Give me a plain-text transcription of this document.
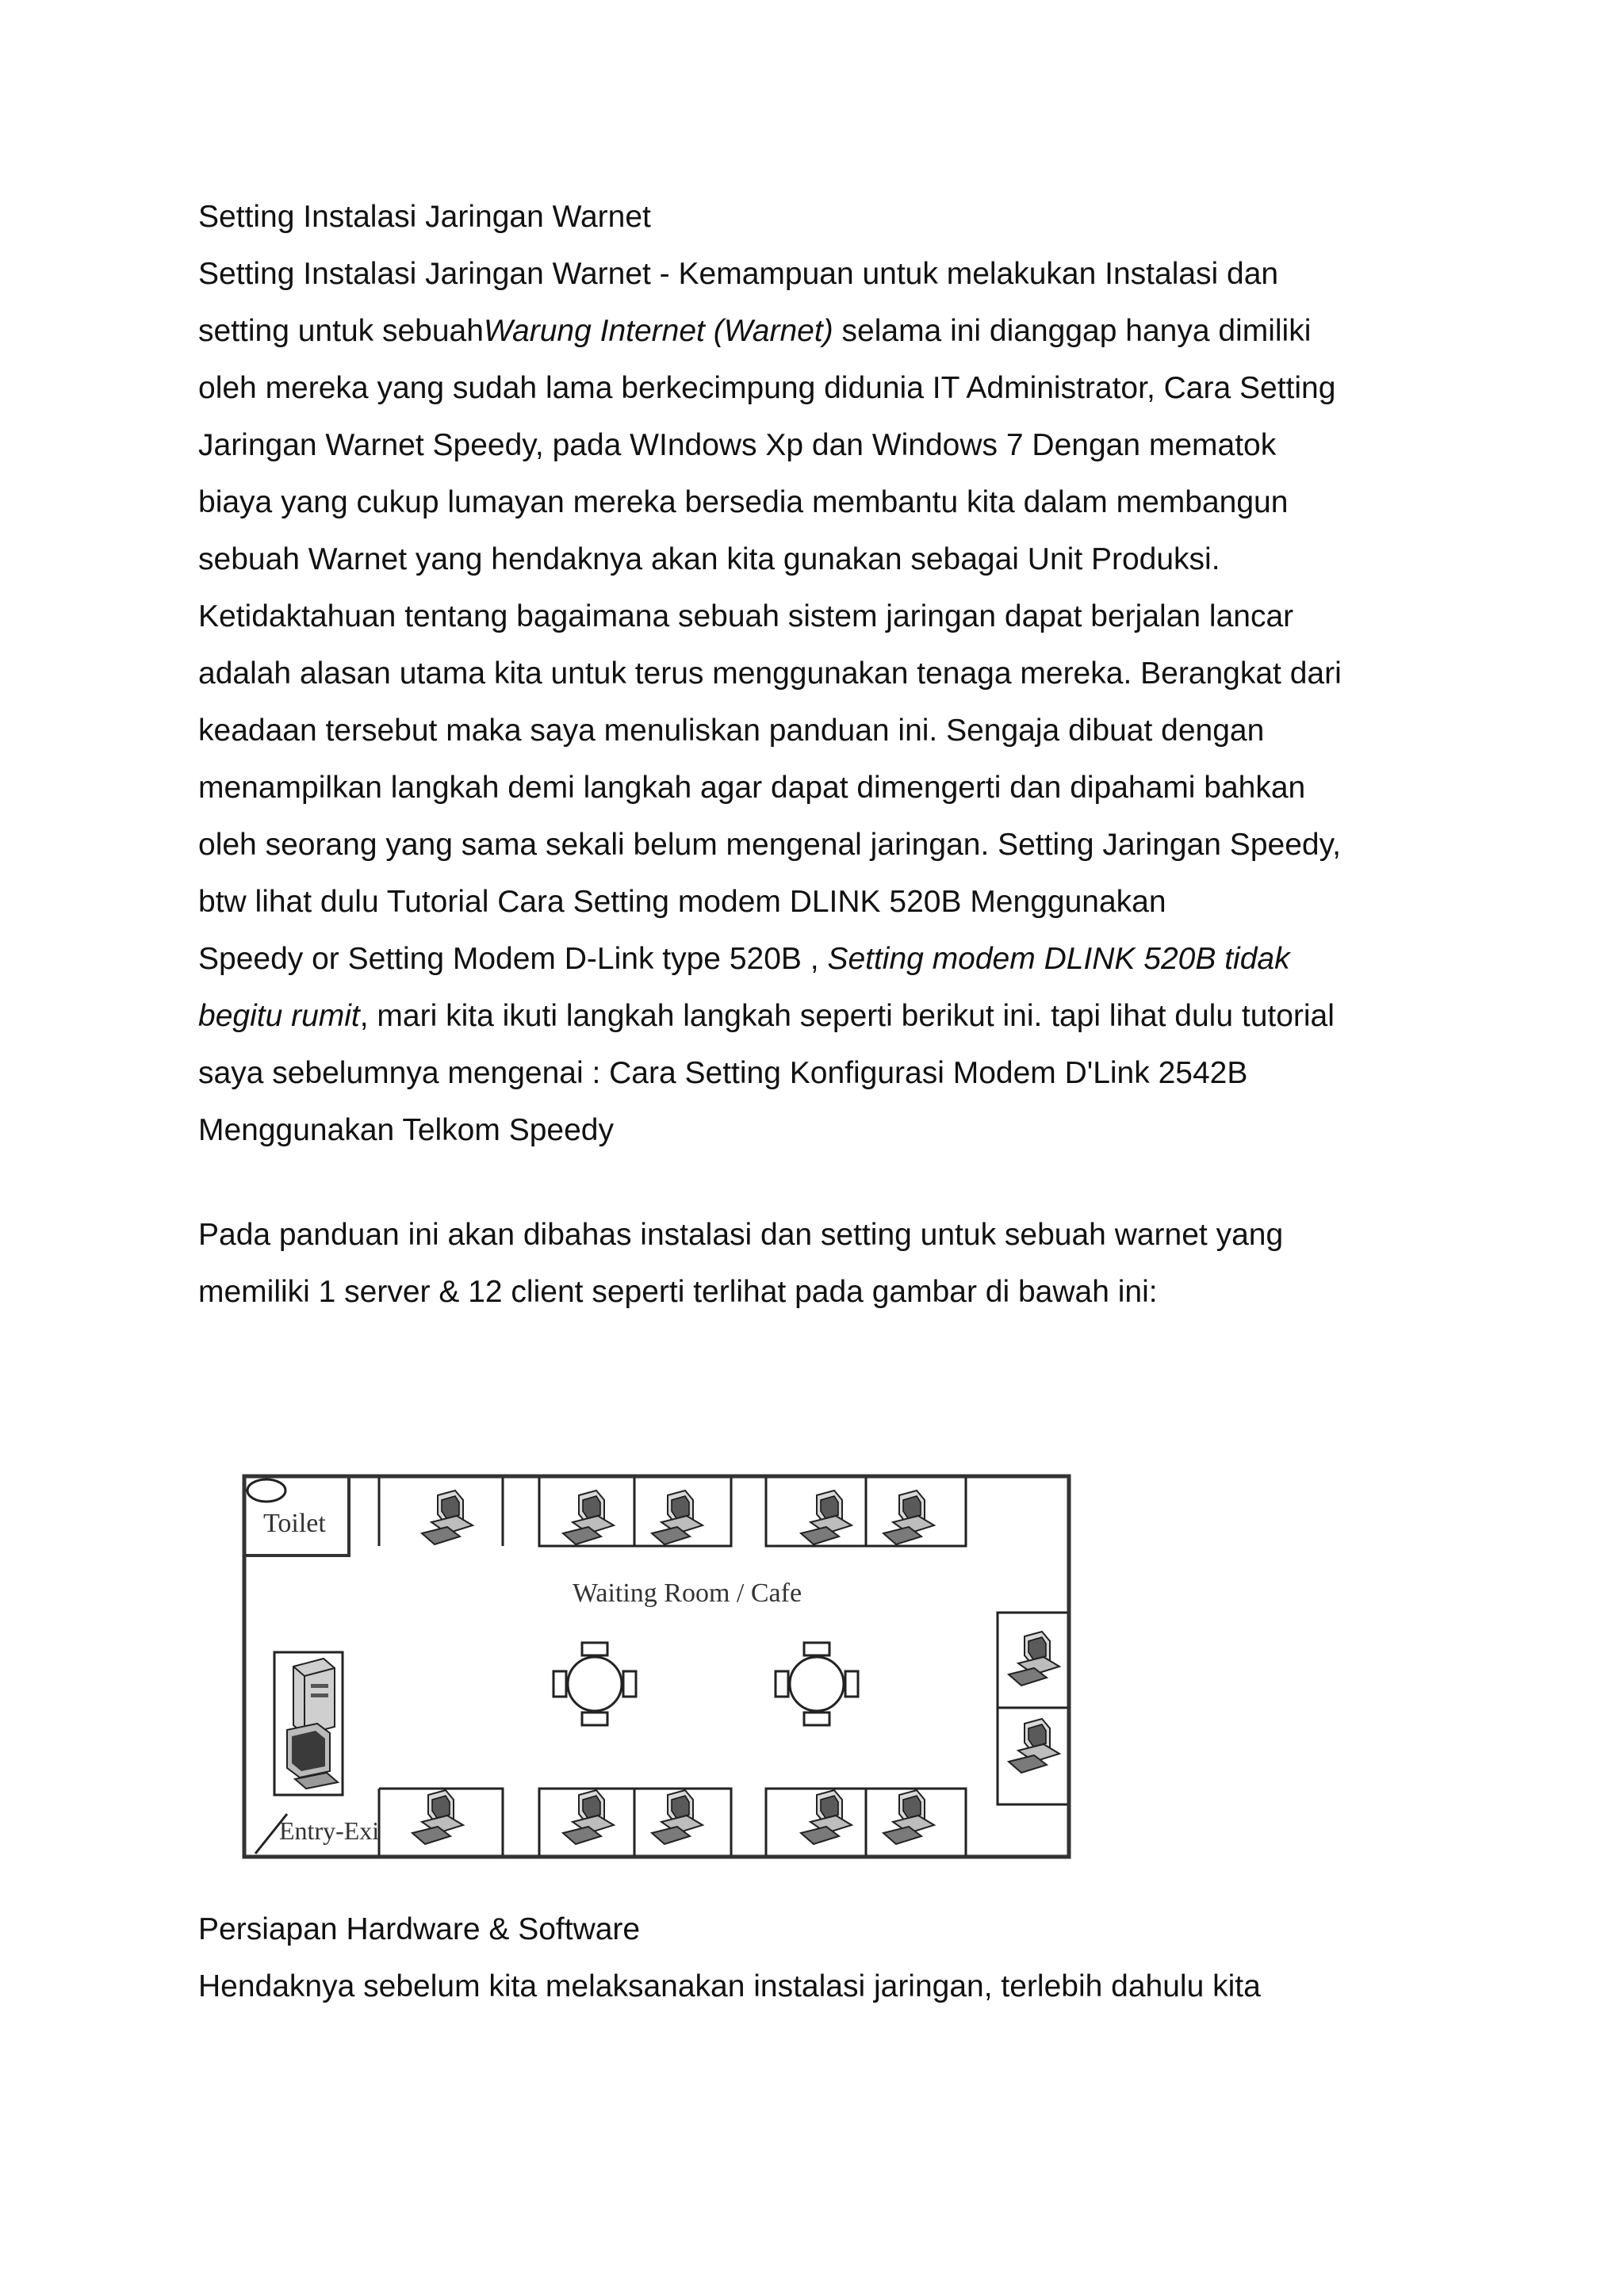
Setting Instalasi Jaringan Warnet
Setting Instalasi Jaringan Warnet - Kemampuan untuk melakukan Instalasi dan
setting untuk sebuahWarung Internet (Warnet) selama ini dianggap hanya dimiliki
oleh mereka yang sudah lama berkecimpung didunia IT Administrator, Cara Setting
Jaringan Warnet Speedy, pada WIndows Xp dan Windows 7 Dengan mematok
biaya yang cukup lumayan mereka bersedia membantu kita dalam membangun
sebuah Warnet yang hendaknya akan kita gunakan sebagai Unit Produksi.
Ketidaktahuan tentang bagaimana sebuah sistem jaringan dapat berjalan lancar
adalah alasan utama kita untuk terus menggunakan tenaga mereka. Berangkat dari
keadaan tersebut maka saya menuliskan panduan ini. Sengaja dibuat dengan
menampilkan langkah demi langkah agar dapat dimengerti dan dipahami bahkan
oleh seorang yang sama sekali belum mengenal jaringan. Setting Jaringan Speedy,
btw lihat dulu Tutorial Cara Setting modem DLINK 520B Menggunakan
Speedy or Setting Modem D-Link type 520B , Setting modem DLINK 520B tidak
begitu rumit, mari kita ikuti langkah langkah seperti berikut ini. tapi lihat dulu tutorial
saya sebelumnya mengenai : Cara Setting Konfigurasi Modem D'Link 2542B
Menggunakan Telkom Speedy
Pada panduan ini akan dibahas instalasi dan setting untuk sebuah warnet yang
memiliki 1 server & 12 client seperti terlihat pada gambar di bawah ini:
Toilet
Waiting Room / Cafe
Entry-Exi
Persiapan Hardware & Software
Hendaknya sebelum kita melaksanakan instalasi jaringan, terlebih dahulu kita
